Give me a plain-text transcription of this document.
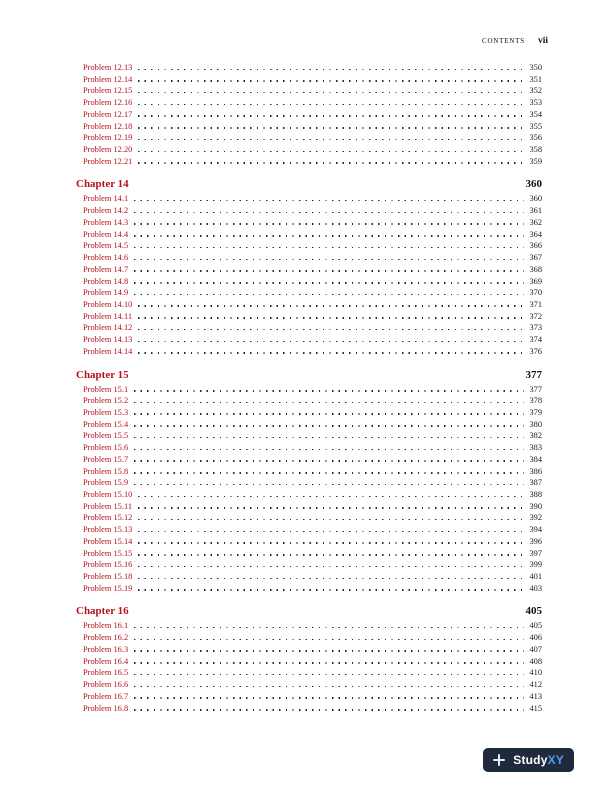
CONTENTS vii
Problem 12.13	350
Problem 12.14	351
Problem 12.15	352
Problem 12.16	353
Problem 12.17	354
Problem 12.18	355
Problem 12.19	356
Problem 12.20	358
Problem 12.21	359
Chapter 14	360
Problem 14.1	360
Problem 14.2	361
Problem 14.3	362
Problem 14.4	364
Problem 14.5	366
Problem 14.6	367
Problem 14.7	368
Problem 14.8	369
Problem 14.9	370
Problem 14.10	371
Problem 14.11	372
Problem 14.12	373
Problem 14.13	374
Problem 14.14	376
Chapter 15	377
Problem 15.1	377
Problem 15.2	378
Problem 15.3	379
Problem 15.4	380
Problem 15.5	382
Problem 15.6	383
Problem 15.7	384
Problem 15.8	386
Problem 15.9	387
Problem 15.10	388
Problem 15.11	390
Problem 15.12	392
Problem 15.13	394
Problem 15.14	396
Problem 15.15	397
Problem 15.16	399
Problem 15.18	401
Problem 15.19	403
Chapter 16	405
Problem 16.1	405
Problem 16.2	406
Problem 16.3	407
Problem 16.4	408
Problem 16.5	410
Problem 16.6	412
Problem 16.7	413
Problem 16.8	415
Study XY
